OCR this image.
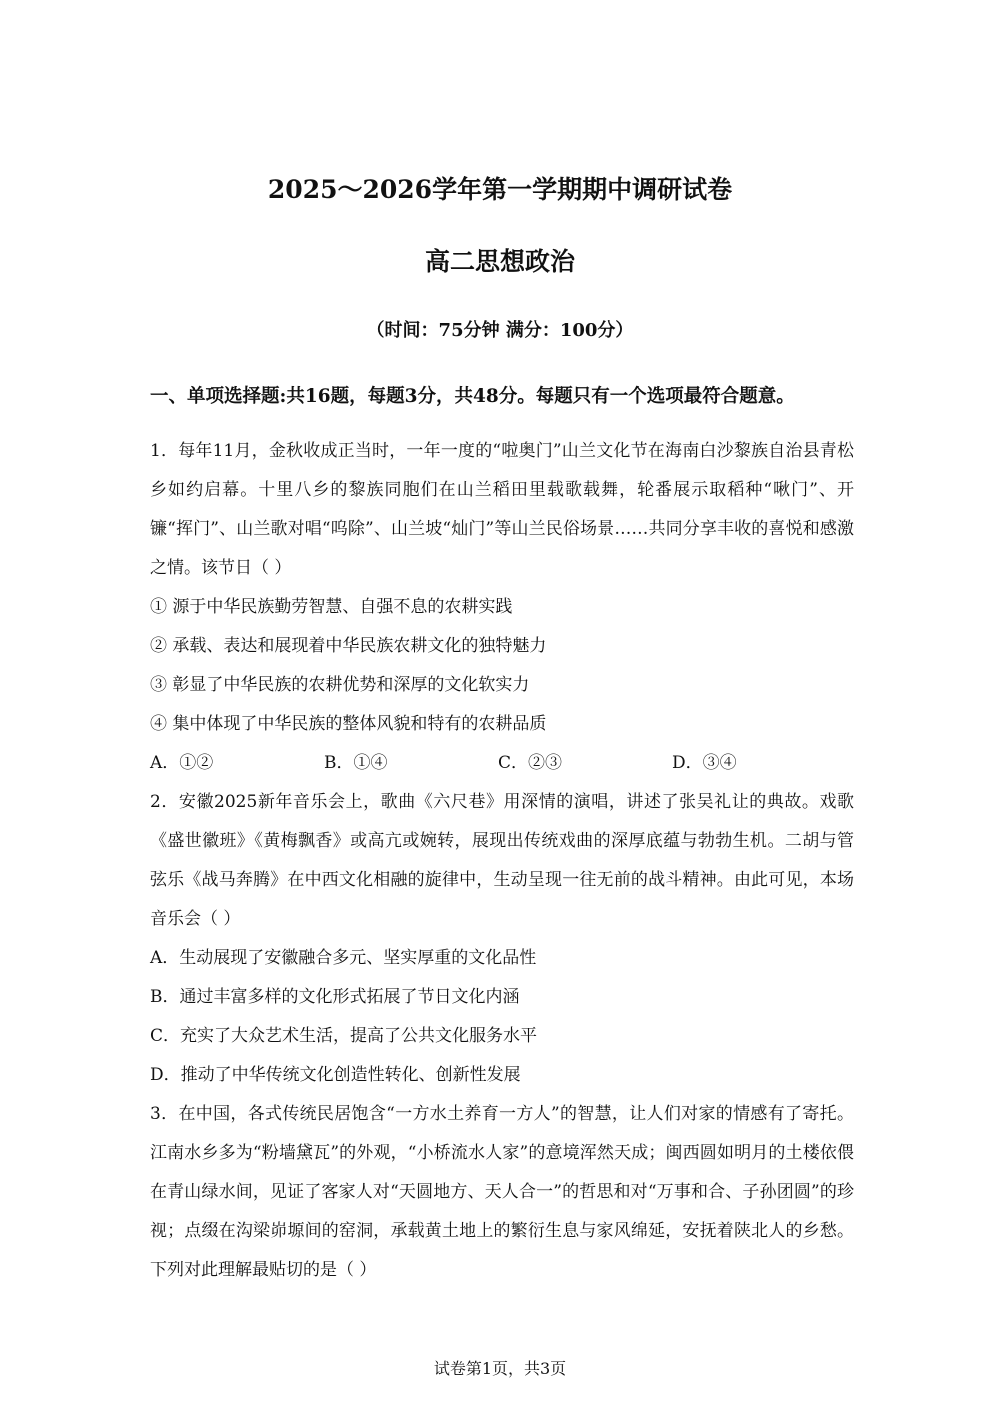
2025～2026学年第一学期期中调研试卷
高二思想政治
（时间：75分钟 满分：100分）
一、单项选择题:共16题，每题3分，共48分。每题只有一个选项最符合题意。

1．每年11月，金秋收成正当时，一年一度的“啦奥门”山兰文化节在海南白沙黎族自治县青松乡如约启幕。十里八乡的黎族同胞们在山兰稻田里载歌载舞，轮番展示取稻种“啾门”、开镰“挥门”、山兰歌对唱“呜除”、山兰坡“灿门”等山兰民俗场景……共同分享丰收的喜悦和感激之情。该节日（ ）

① 源于中华民族勤劳智慧、自强不息的农耕实践

② 承载、表达和展现着中华民族农耕文化的独特魅力

③ 彰显了中华民族的农耕优势和深厚的文化软实力

④ 集中体现了中华民族的整体风貌和特有的农耕品质

A．①②	B．①④	C．②③	D．③④

2．安徽2025新年音乐会上，歌曲《六尺巷》用深情的演唱，讲述了张吴礼让的典故。戏歌《盛世徽班》《黄梅飘香》或高亢或婉转，展现出传统戏曲的深厚底蕴与勃勃生机。二胡与管弦乐《战马奔腾》在中西文化相融的旋律中，生动呈现一往无前的战斗精神。由此可见，本场音乐会（ ）

A．生动展现了安徽融合多元、坚实厚重的文化品性

B．通过丰富多样的文化形式拓展了节日文化内涵

C．充实了大众艺术生活，提高了公共文化服务水平

D．推动了中华传统文化创造性转化、创新性发展

3．在中国，各式传统民居饱含“一方水土养育一方人”的智慧，让人们对家的情感有了寄托。江南水乡多为“粉墙黛瓦”的外观，“小桥流水人家”的意境浑然天成；闽西圆如明月的土楼依偎在青山绿水间，见证了客家人对“天圆地方、天人合一”的哲思和对“万事和合、子孙团圆”的珍视；点缀在沟梁峁塬间的窑洞，承载黄土地上的繁衍生息与家风绵延，安抚着陕北人的乡愁。下列对此理解最贴切的是（ ）

试卷第1页，共3页
